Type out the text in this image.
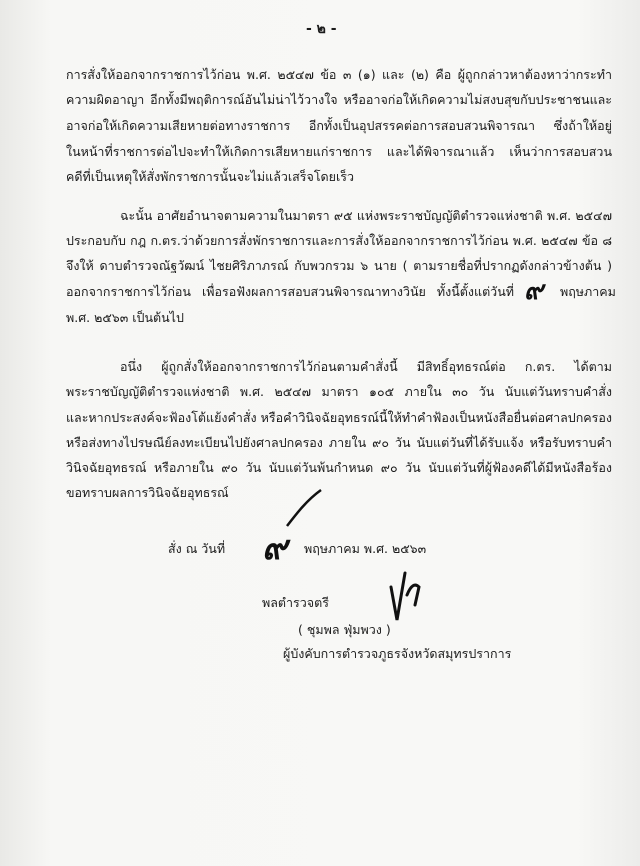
- ๒ -
การสั่งให้ออกจากราชการไว้ก่อน พ.ศ. ๒๕๔๗ ข้อ ๓ (๑) และ (๒) คือ ผู้ถูกกล่าวหาต้องหาว่ากระทำ
ความผิดอาญา อีกทั้งมีพฤติการณ์อันไม่น่าไว้วางใจ หรืออาจก่อให้เกิดความไม่สงบสุขกับประชาชนและ
อาจก่อให้เกิดความเสียหายต่อทางราชการ อีกทั้งเป็นอุปสรรคต่อการสอบสวนพิจารณา ซึ่งถ้าให้อยู่
ในหน้าที่ราชการต่อไปจะทำให้เกิดการเสียหายแก่ราชการ และได้พิจารณาแล้ว เห็นว่าการสอบสวน
คดีที่เป็นเหตุให้สั่งพักราชการนั้นจะไม่แล้วเสร็จโดยเร็ว
ฉะนั้น อาศัยอำนาจตามความในมาตรา ๙๕ แห่งพระราชบัญญัติตำรวจแห่งชาติ พ.ศ. ๒๕๔๗
ประกอบกับ กฎ ก.ตร.ว่าด้วยการสั่งพักราชการและการสั่งให้ออกจากราชการไว้ก่อน พ.ศ. ๒๕๔๗ ข้อ ๘
จึงให้ ดาบตำรวจณัฐวัฒน์ ไชยศิริภาภรณ์ กับพวกรวม ๖ นาย ( ตามรายชื่อที่ปรากฏดังกล่าวข้างต้น )
ออกจากราชการไว้ก่อน เพื่อรอฟังผลการสอบสวนพิจารณาทางวินัย ทั้งนี้ตั้งแต่วันที่ ๙ พฤษภาคม
พ.ศ. ๒๕๖๓ เป็นต้นไป
อนึ่ง ผู้ถูกสั่งให้ออกจากราชการไว้ก่อนตามคำสั่งนี้ มีสิทธิ์อุทธรณ์ต่อ ก.ตร. ได้ตาม
พระราชบัญญัติตำรวจแห่งชาติ พ.ศ. ๒๕๔๗ มาตรา ๑๐๕ ภายใน ๓๐ วัน นับแต่วันทราบคำสั่ง
และหากประสงค์จะฟ้องโต้แย้งคำสั่ง หรือคำวินิจฉัยอุทธรณ์นี้ให้ทำคำฟ้องเป็นหนังสือยื่นต่อศาลปกครอง
หรือส่งทางไปรษณีย์ลงทะเบียนไปยังศาลปกครอง ภายใน ๙๐ วัน นับแต่วันที่ได้รับแจ้ง หรือรับทราบคำ
วินิจฉัยอุทธรณ์ หรือภายใน ๙๐ วัน นับแต่วันพ้นกำหนด ๙๐ วัน นับแต่วันที่ผู้ฟ้องคดีได้มีหนังสือร้อง
ขอทราบผลการวินิจฉัยอุทธรณ์
สั่ง ณ วันที่ ๙ พฤษภาคม พ.ศ. ๒๕๖๓
พลตำรวจตรี
( ชุมพล ฟุ่มพวง )
ผู้บังคับการตำรวจภูธรจังหวัดสมุทรปราการ
